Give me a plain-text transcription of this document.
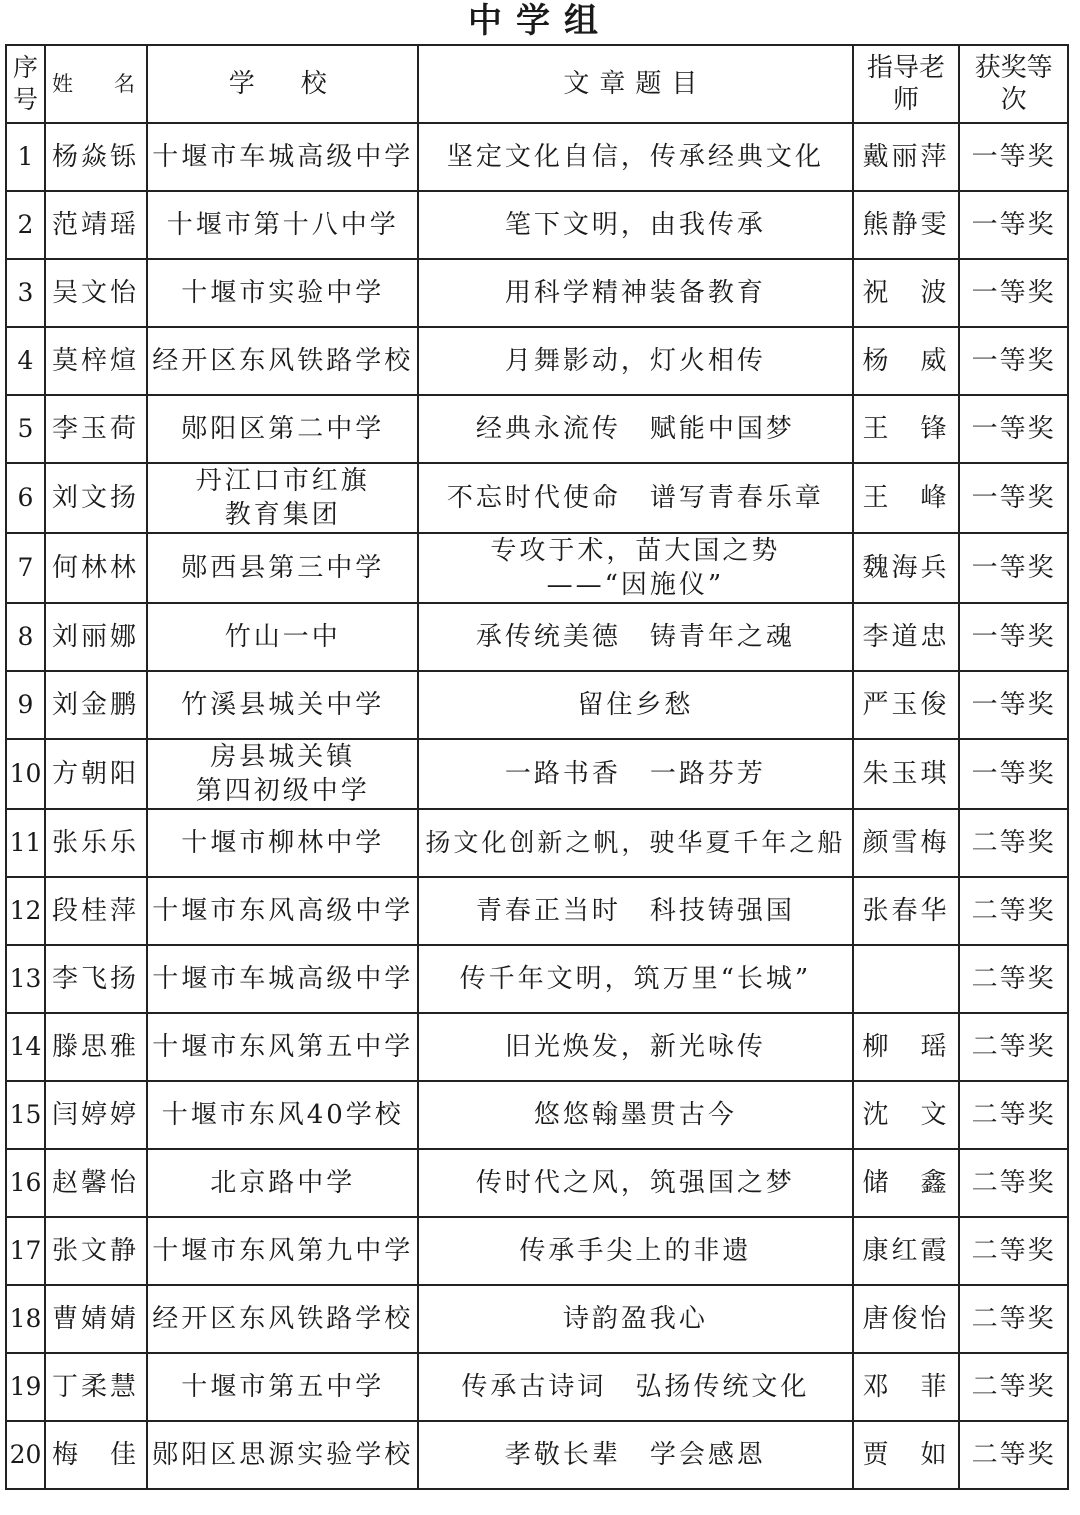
中学组
序号	姓　名	学　校	文章题目	指导老师	获奖等次

1	杨焱铄	十堰市车城高级中学	坚定文化自信，传承经典文化	戴丽萍	一等奖

2	范靖瑶	十堰市第十八中学	笔下文明，由我传承	熊静雯	一等奖

3	吴文怡	十堰市实验中学	用科学精神装备教育	祝　波	一等奖

4	莫梓煊	经开区东风铁路学校	月舞影动，灯火相传	杨　威	一等奖

5	李玉荷	郧阳区第二中学	经典永流传　赋能中国梦	王　锋	一等奖

6	刘文扬	丹江口市红旗
教育集团	不忘时代使命　谱写青春乐章	王　峰	一等奖

7	何林林	郧西县第三中学	专攻于术，苗大国之势
——“因施仪”	魏海兵	一等奖

8	刘丽娜	竹山一中	承传统美德　铸青年之魂	李道忠	一等奖

9	刘金鹏	竹溪县城关中学	留住乡愁	严玉俊	一等奖

10	方朝阳	房县城关镇
第四初级中学	一路书香　一路芬芳	朱玉琪	一等奖

11	张乐乐	十堰市柳林中学	扬文化创新之帆，驶华夏千年之船	颜雪梅	二等奖

12	段桂萍	十堰市东风高级中学	青春正当时　科技铸强国	张春华	二等奖

13	李飞扬	十堰市车城高级中学	传千年文明，筑万里“长城”		二等奖

14	滕思雅	十堰市东风第五中学	旧光焕发，新光咏传	柳　瑶	二等奖

15	闫婷婷	十堰市东风40学校	悠悠翰墨贯古今	沈　文	二等奖

16	赵馨怡	北京路中学	传时代之风，筑强国之梦	储　鑫	二等奖

17	张文静	十堰市东风第九中学	传承手尖上的非遗	康红霞	二等奖

18	曹婧婧	经开区东风铁路学校	诗韵盈我心	唐俊怡	二等奖

19	丁柔慧	十堰市第五中学	传承古诗词　弘扬传统文化	邓　菲	二等奖

20	梅　佳	郧阳区思源实验学校	孝敬长辈　学会感恩	贾　如	二等奖
